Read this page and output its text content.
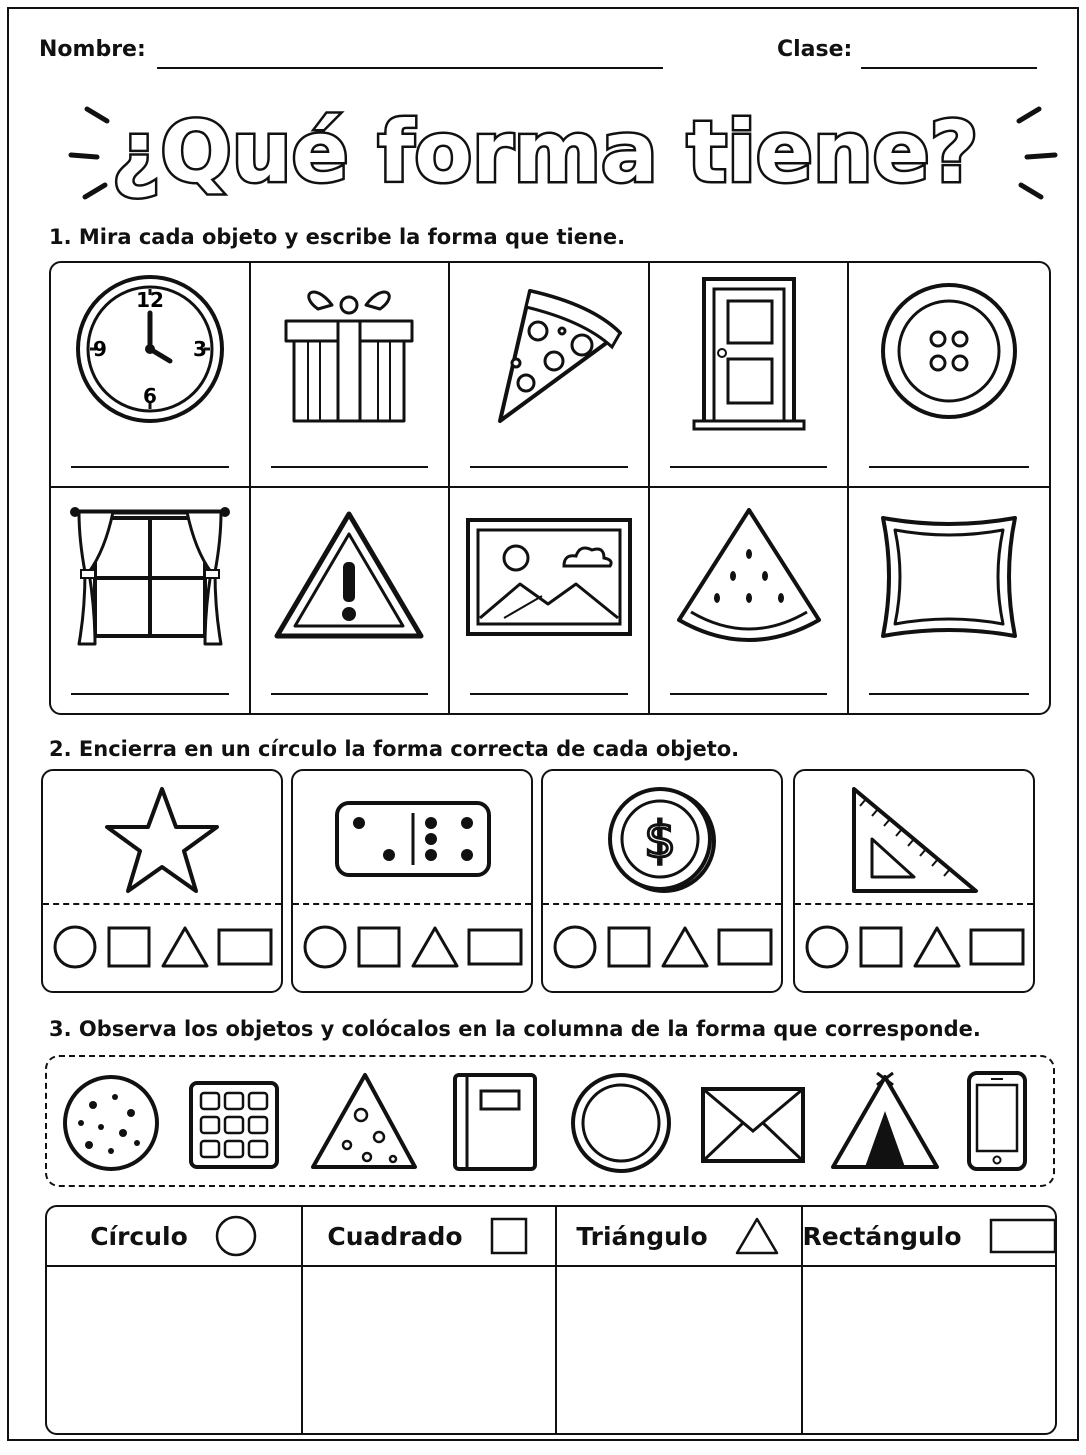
Nombre:	Clase:
¿Qué forma tiene?
1. Mira cada objeto y escribe la forma que tiene.
12
3
6
9
2. Encierra en un círculo la forma correcta de cada objeto.
$
3. Observa los objetos y colócalos en la columna de la forma que corresponde.
Círculo	Cuadrado	Triángulo	Rectángulo
